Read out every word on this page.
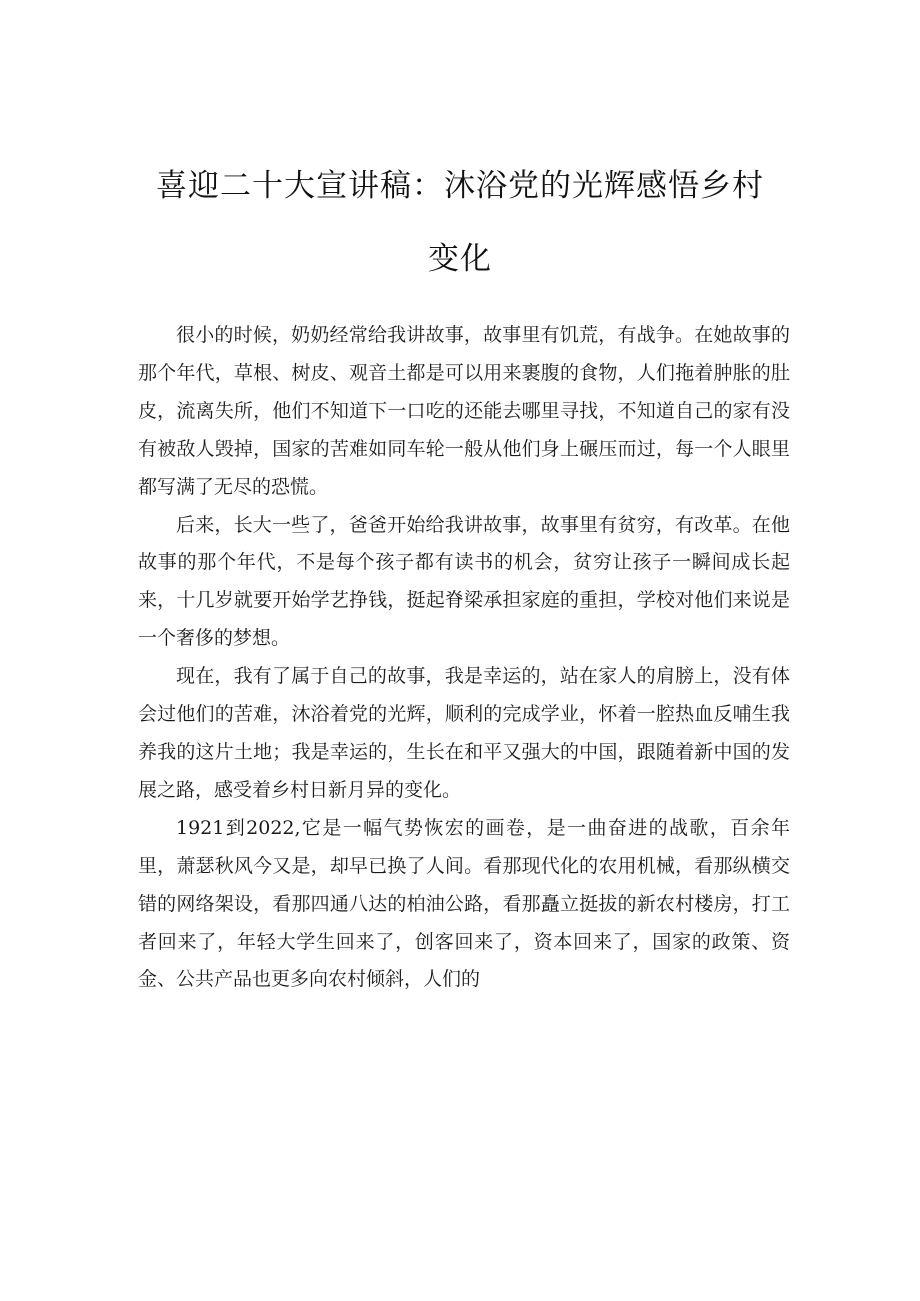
喜迎二十大宣讲稿：沐浴党的光辉感悟乡村
变化

很小的时候，奶奶经常给我讲故事，故事里有饥荒，有战争。在她故事的那个年代，草根、树皮、观音土都是可以用来裹腹的食物，人们拖着肿胀的肚皮，流离失所，他们不知道下一口吃的还能去哪里寻找，不知道自己的家有没有被敌人毁掉，国家的苦难如同车轮一般从他们身上碾压而过，每一个人眼里都写满了无尽的恐慌。

后来，长大一些了，爸爸开始给我讲故事，故事里有贫穷，有改革。在他故事的那个年代，不是每个孩子都有读书的机会，贫穷让孩子一瞬间成长起来，十几岁就要开始学艺挣钱，挺起脊梁承担家庭的重担，学校对他们来说是一个奢侈的梦想。

现在，我有了属于自己的故事，我是幸运的，站在家人的肩膀上，没有体会过他们的苦难，沐浴着党的光辉，顺利的完成学业，怀着一腔热血反哺生我养我的这片土地；我是幸运的，生长在和平又强大的中国，跟随着新中国的发展之路，感受着乡村日新月异的变化。

1921到2022,它是一幅气势恢宏的画卷，是一曲奋进的战歌，百余年里，萧瑟秋风今又是，却早已换了人间。看那现代化的农用机械，看那纵横交错的网络架设，看那四通八达的柏油公路，看那矗立挺拔的新农村楼房，打工者回来了，年轻大学生回来了，创客回来了，资本回来了，国家的政策、资金、公共产品也更多向农村倾斜，人们的
